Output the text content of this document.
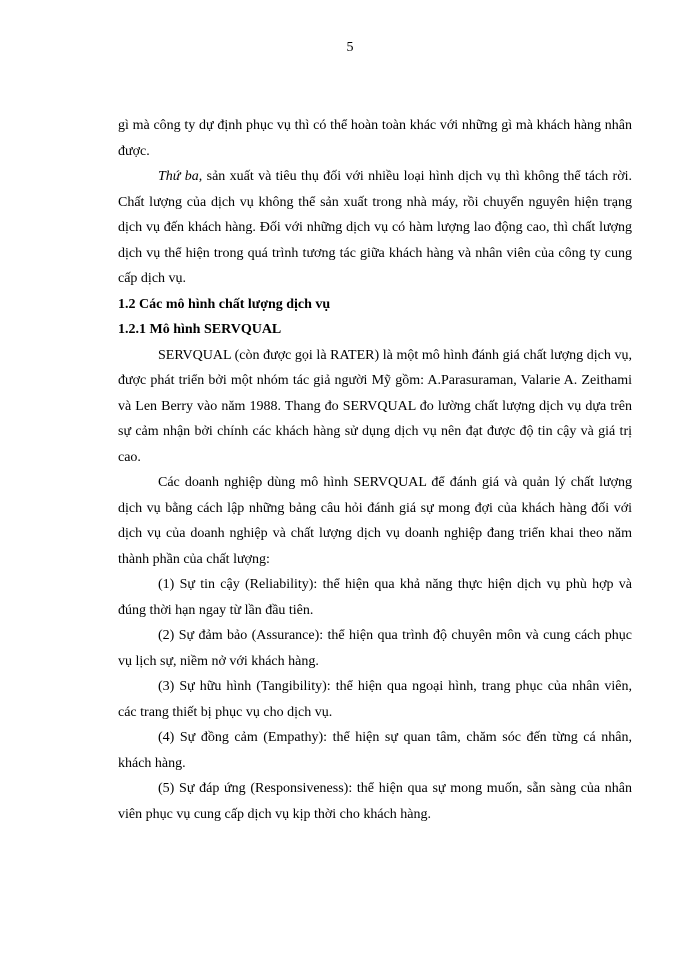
5

gì mà công ty dự định phục vụ thì có thể hoàn toàn khác với những gì mà khách hàng nhân được.

Thứ ba, sản xuất và tiêu thụ đối với nhiều loại hình dịch vụ thì không thể tách rời. Chất lượng của dịch vụ không thể sản xuất trong nhà máy, rồi chuyển nguyên hiện trạng dịch vụ đến khách hàng. Đối với những dịch vụ có hàm lượng lao động cao, thì chất lượng dịch vụ thể hiện trong quá trình tương tác giữa khách hàng và nhân viên của công ty cung cấp dịch vụ.

1.2 Các mô hình chất lượng dịch vụ

1.2.1 Mô hình SERVQUAL

SERVQUAL (còn được gọi là RATER) là một mô hình đánh giá chất lượng dịch vụ, được phát triển bởi một nhóm tác giả người Mỹ gồm: A.Parasuraman, Valarie A. Zeithami và Len Berry vào năm 1988. Thang đo SERVQUAL đo lường chất lượng dịch vụ dựa trên sự cảm nhận bởi chính các khách hàng sử dụng dịch vụ nên đạt được độ tin cậy và giá trị cao.

Các doanh nghiệp dùng mô hình SERVQUAL để đánh giá và quản lý chất lượng dịch vụ bằng cách lập những bảng câu hỏi đánh giá sự mong đợi của khách hàng đối với dịch vụ của doanh nghiệp và chất lượng dịch vụ doanh nghiệp đang triển khai theo năm thành phần của chất lượng:

(1) Sự tin cậy (Reliability): thể hiện qua khả năng thực hiện dịch vụ phù hợp và đúng thời hạn ngay từ lần đầu tiên.

(2) Sự đảm bảo (Assurance): thể hiện qua trình độ chuyên môn và cung cách phục vụ lịch sự, niềm nở với khách hàng.

(3) Sự hữu hình (Tangibility): thể hiện qua ngoại hình, trang phục của nhân viên, các trang thiết bị phục vụ cho dịch vụ.

(4) Sự đồng cảm (Empathy): thể hiện sự quan tâm, chăm sóc đến từng cá nhân, khách hàng.

(5) Sự đáp ứng (Responsiveness): thể hiện qua sự mong muốn, sẵn sàng của nhân viên phục vụ cung cấp dịch vụ kịp thời cho khách hàng.
